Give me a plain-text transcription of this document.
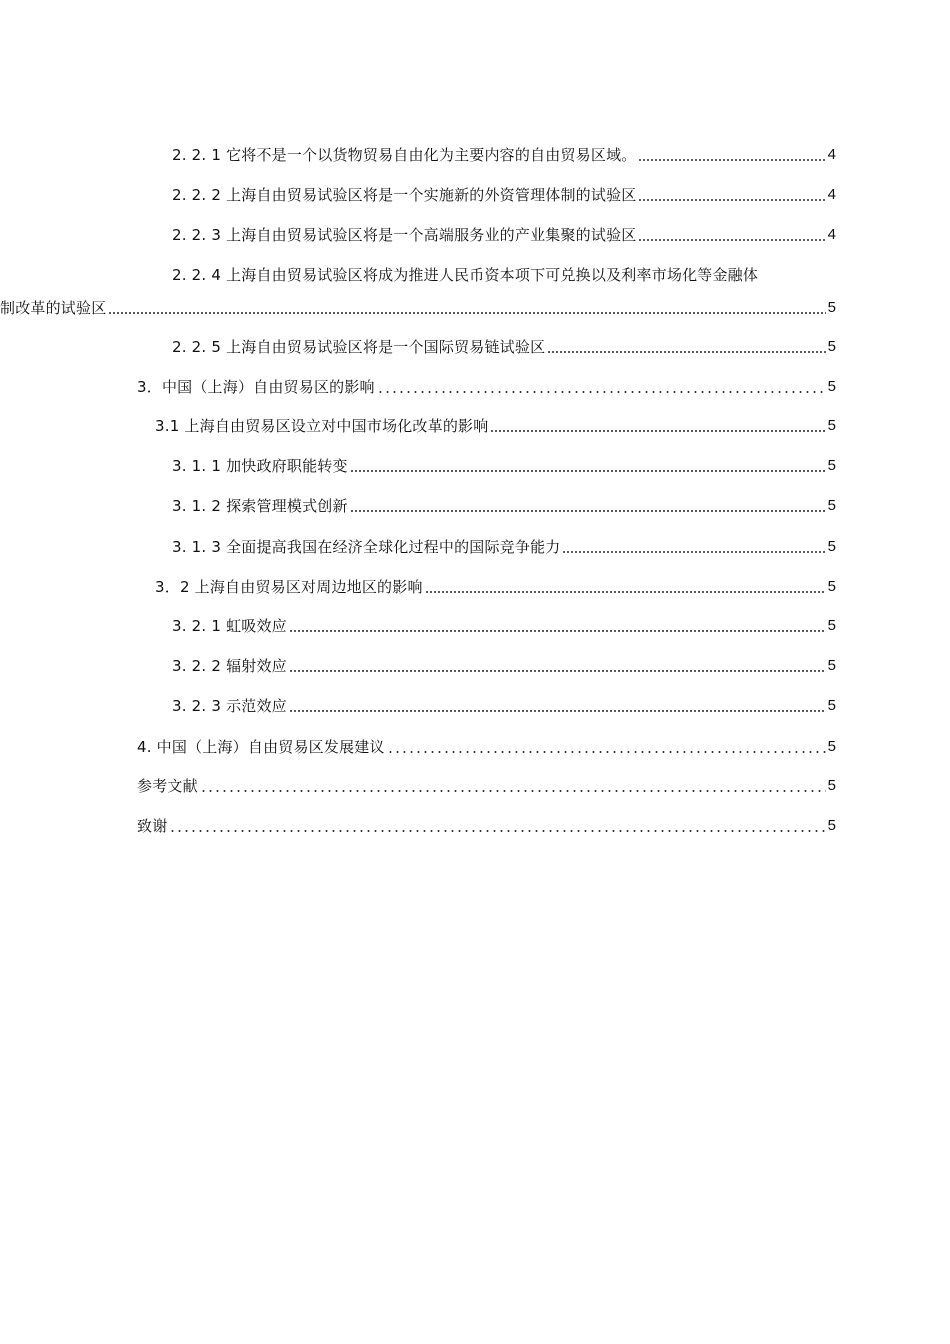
2. 2. 1 它将不是一个以货物贸易自由化为主要内容的自由贸易区域。	4
2. 2. 2 上海自由贸易试验区将是一个实施新的外资管理体制的试验区	4
2. 2. 3 上海自由贸易试验区将是一个高端服务业的产业集聚的试验区	4
2. 2. 4 上海自由贸易试验区将成为推进人民币资本项下可兑换以及利率市场化等金融体
制改革的试验区	5
2. 2. 5 上海自由贸易试验区将是一个国际贸易链试验区	5
3．中国（上海）自由贸易区的影响	5
3.1 上海自由贸易区设立对中国市场化改革的影响	5
3. 1. 1 加快政府职能转变	5
3. 1. 2 探索管理模式创新	5
3. 1. 3 全面提高我国在经济全球化过程中的国际竞争能力	5
3．2 上海自由贸易区对周边地区的影响	5
3. 2. 1 虹吸效应	5
3. 2. 2 辐射效应	5
3. 2. 3 示范效应	5
4. 中国（上海）自由贸易区发展建议	5
参考文献	5
致谢	5
